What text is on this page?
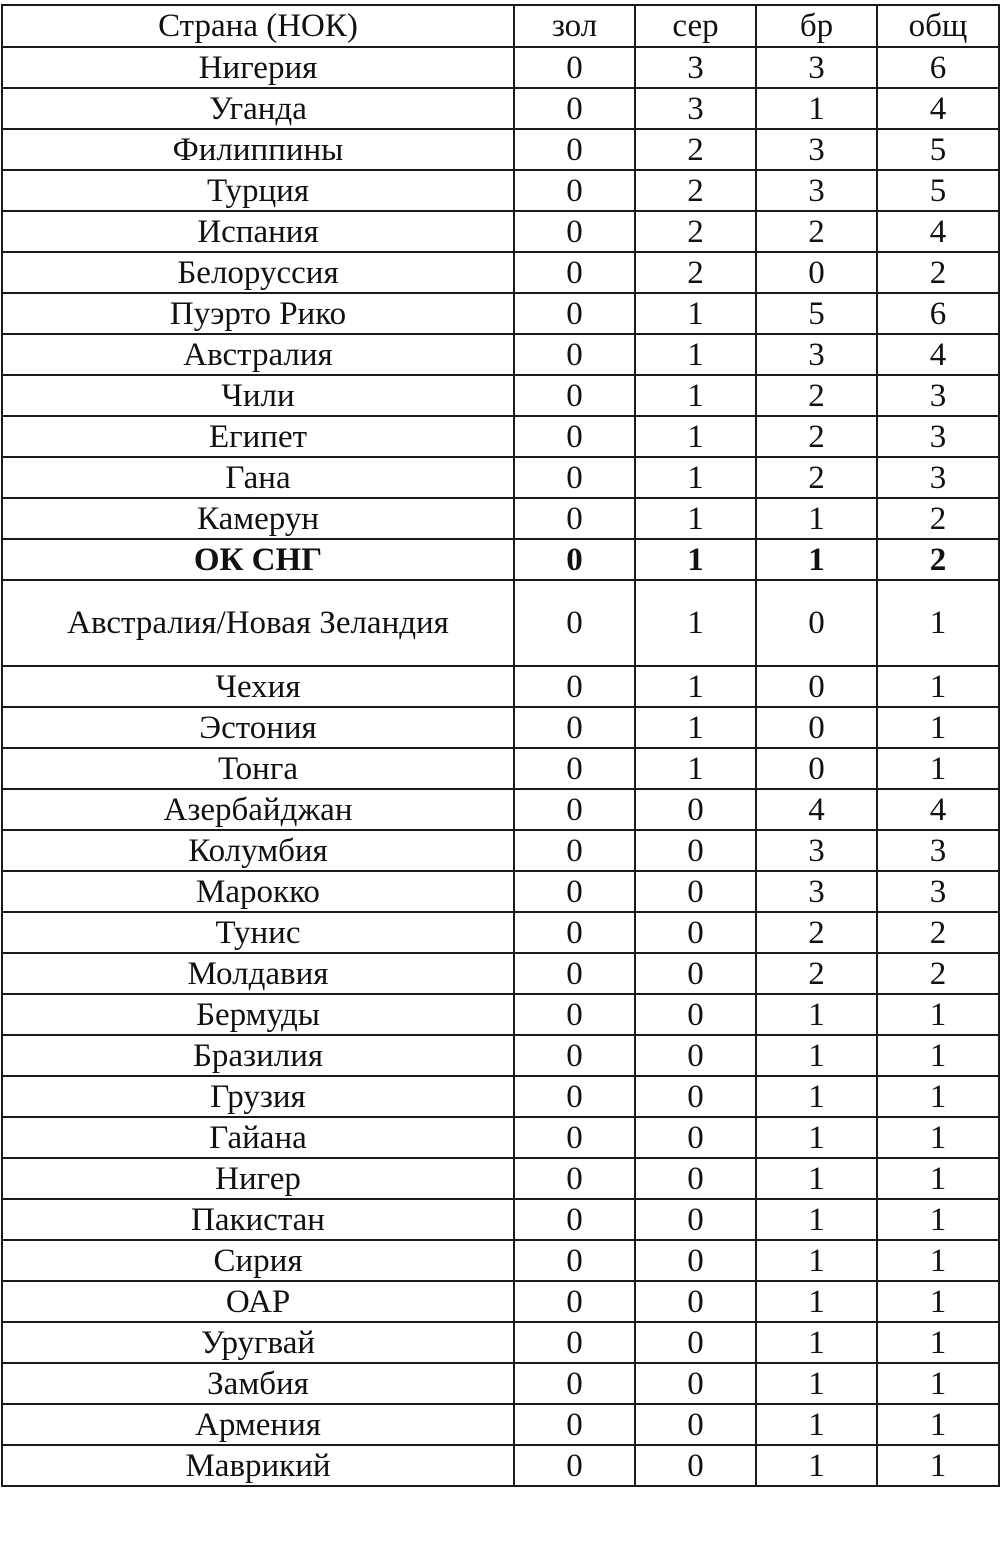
Страна (НОК)	зол	сер	бр	общ
Нигерия	0	3	3	6
Уганда	0	3	1	4
Филиппины	0	2	3	5
Турция	0	2	3	5
Испания	0	2	2	4
Белоруссия	0	2	0	2
Пуэрто Рико	0	1	5	6
Австралия	0	1	3	4
Чили	0	1	2	3
Египет	0	1	2	3
Гана	0	1	2	3
Камерун	0	1	1	2
ОК СНГ	0	1	1	2
Австралия/Новая Зеландия	0	1	0	1
Чехия	0	1	0	1
Эстония	0	1	0	1
Тонга	0	1	0	1
Азербайджан	0	0	4	4
Колумбия	0	0	3	3
Марокко	0	0	3	3
Тунис	0	0	2	2
Молдавия	0	0	2	2
Бермуды	0	0	1	1
Бразилия	0	0	1	1
Грузия	0	0	1	1
Гайана	0	0	1	1
Нигер	0	0	1	1
Пакистан	0	0	1	1
Сирия	0	0	1	1
ОАР	0	0	1	1
Уругвай	0	0	1	1
Замбия	0	0	1	1
Армения	0	0	1	1
Маврикий	0	0	1	1
